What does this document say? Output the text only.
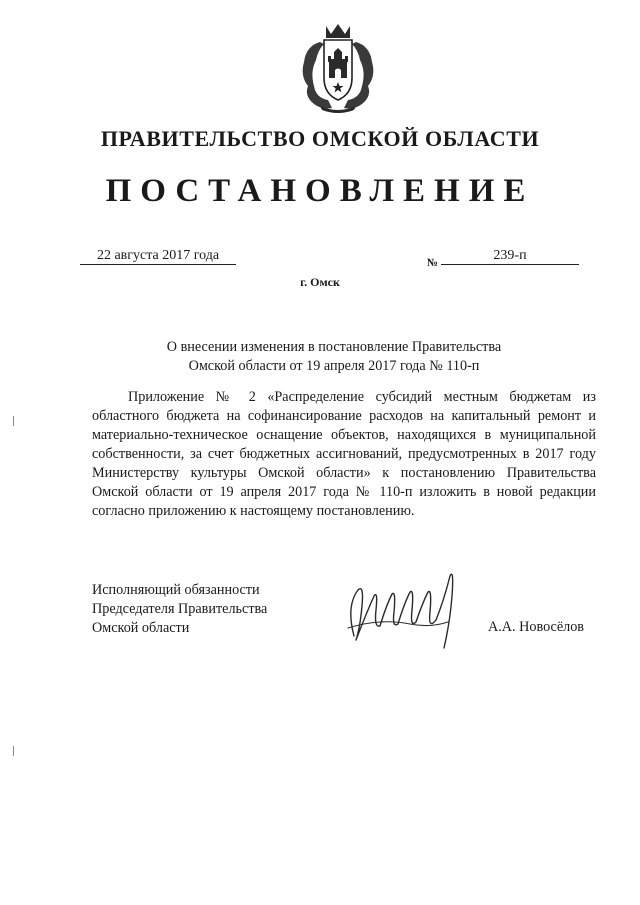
ПРАВИТЕЛЬСТВО ОМСКОЙ ОБЛАСТИ
ПОСТАНОВЛЕНИЕ
22 августа 2017 года	№	239-п
г. Омск
О внесении изменения в постановление Правительства
Омской области от 19 апреля 2017 года № 110-п
Приложение № 2 «Распределение субсидий местным бюджетам из областного бюджета на софинансирование расходов на капитальный ремонт и материально-техническое оснащение объектов, находящихся в муниципальной собственности, за счет бюджетных ассигнований, предусмотренных в 2017 году Министерству культуры Омской области» к постановлению Правительства Омской области от 19 апреля 2017 года № 110-п изложить в новой редакции согласно приложению к настоящему постановлению.
Исполняющий обязанности
Председателя Правительства
Омской области	А.А. Новосёлов
